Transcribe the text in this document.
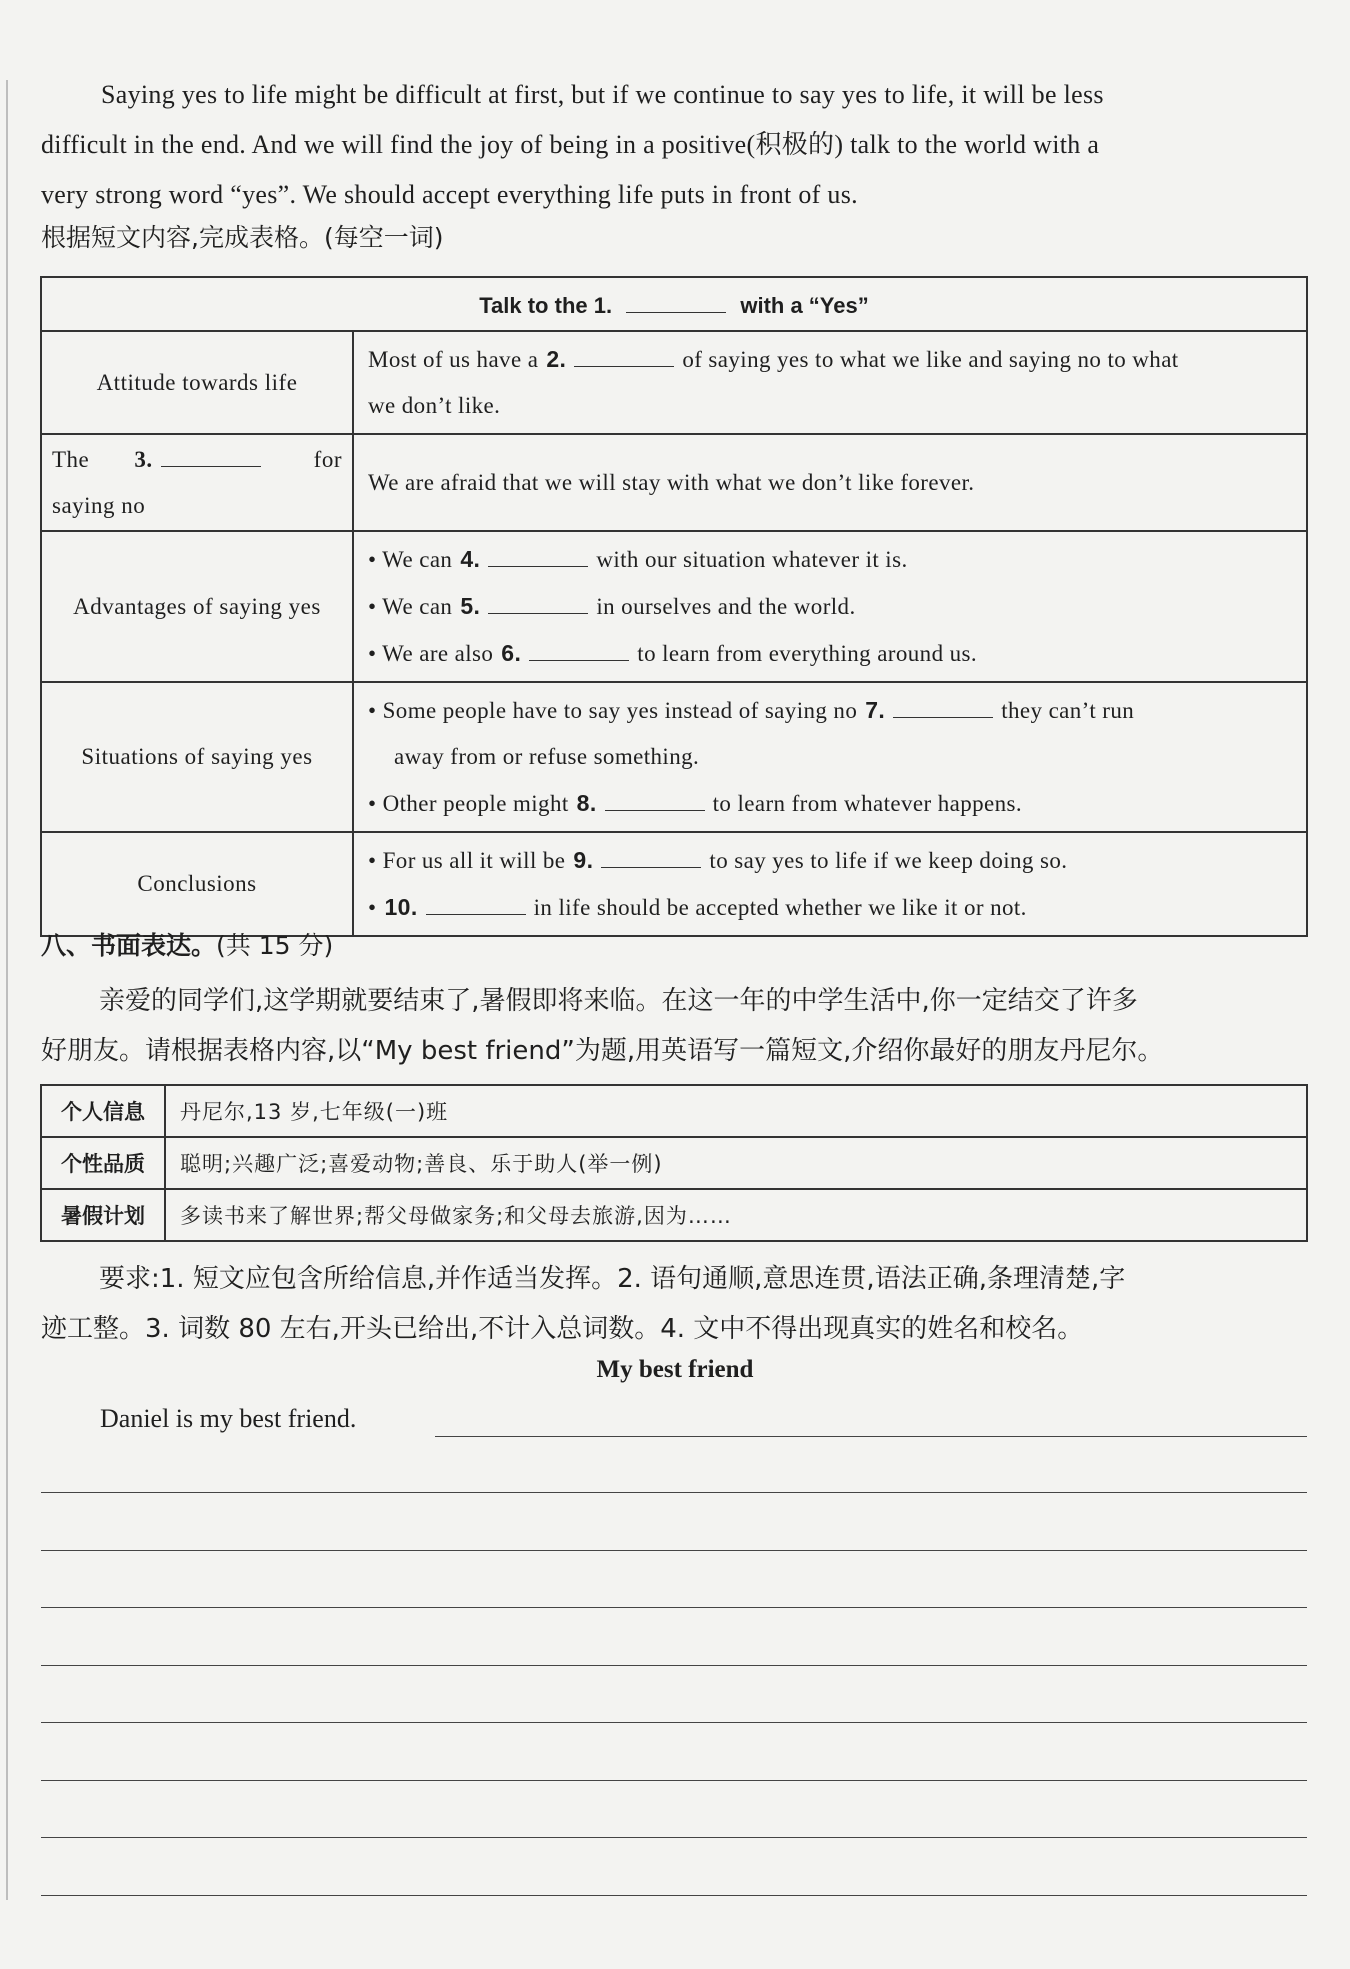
Saying yes to life might be difficult at first, but if we continue to say yes to life, it will be less
difficult in the end. And we will find the joy of being in a positive(积极的) talk to the world with a
very strong word “yes”. We should accept everything life puts in front of us.
根据短文内容,完成表格。(每空一词)
Talk to the 1. with a “Yes”	
Attitude towards life	Most of us have a 2. of saying yes to what we like and saying no to what
we don’t like.

The 3. for
saying no	We are afraid that we will stay with what we don’t like forever.
Advantages of saying yes	• We can 4. with our situation whatever it is.
• We can 5. in ourselves and the world.
• We are also 6. to learn from everything around us.

Situations of saying yes	• Some people have to say yes instead of saying no 7. they can’t run
away from or refuse something.
• Other people might 8. to learn from whatever happens.

Conclusions	• For us all it will be 9. to say yes to life if we keep doing so.
• 10. in life should be accepted whether we like it or not.
八、书面表达。(共 15 分)
亲爱的同学们,这学期就要结束了,暑假即将来临。在这一年的中学生活中,你一定结交了许多
好朋友。请根据表格内容,以“My best friend”为题,用英语写一篇短文,介绍你最好的朋友丹尼尔。
个人信息	丹尼尔,13 岁,七年级(一)班
个性品质	聪明;兴趣广泛;喜爱动物;善良、乐于助人(举一例)
暑假计划	多读书来了解世界;帮父母做家务;和父母去旅游,因为……
要求:1. 短文应包含所给信息,并作适当发挥。2. 语句通顺,意思连贯,语法正确,条理清楚,字
迹工整。3. 词数 80 左右,开头已给出,不计入总词数。4. 文中不得出现真实的姓名和校名。
My best friend
Daniel is my best friend.
